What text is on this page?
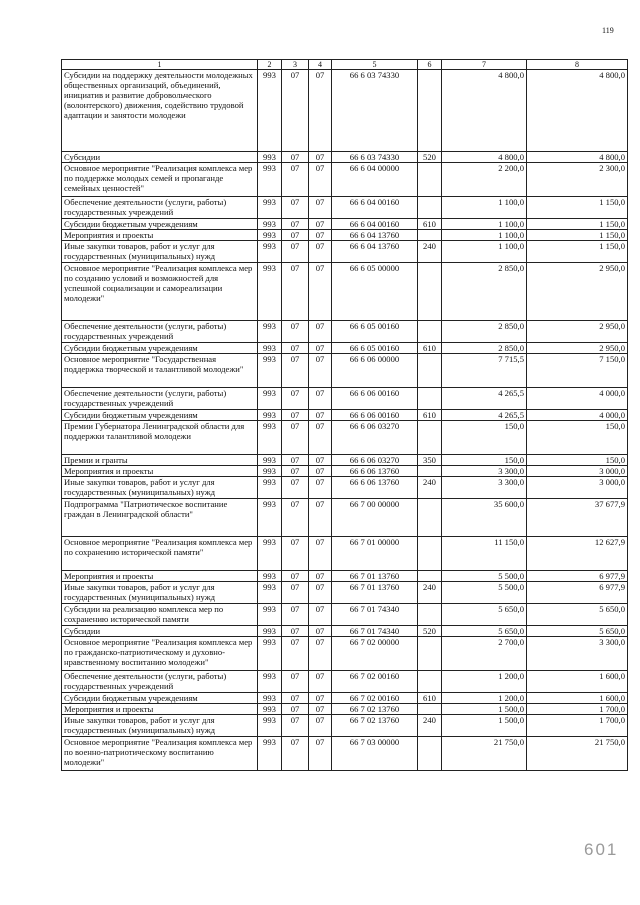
119
1	2	3	4	5	6	7	8
Субсидии на поддержку деятельности молодежных общественных организаций, объединений, инициатив и развитие добровольческого (волонтерского) движения, содействию трудовой адаптации и занятости молодежи	993	07	07	66 6 03 74330		4 800,0	4 800,0
Субсидии	993	07	07	66 6 03 74330	520	4 800,0	4 800,0
Основное мероприятие "Реализация комплекса мер по поддержке молодых семей и пропаганде семейных ценностей"	993	07	07	66 6 04 00000		2 200,0	2 300,0
Обеспечение деятельности (услуги, работы) государственных учреждений	993	07	07	66 6 04 00160		1 100,0	1 150,0
Субсидии бюджетным учреждениям	993	07	07	66 6 04 00160	610	1 100,0	1 150,0
Мероприятия и проекты	993	07	07	66 6 04 13760		1 100,0	1 150,0
Иные закупки товаров, работ и услуг для государственных (муниципальных) нужд	993	07	07	66 6 04 13760	240	1 100,0	1 150,0
Основное мероприятие "Реализация комплекса мер по созданию условий и возможностей для успешной социализации и самореализации молодежи"	993	07	07	66 6 05 00000		2 850,0	2 950,0
Обеспечение деятельности (услуги, работы) государственных учреждений	993	07	07	66 6 05 00160		2 850,0	2 950,0
Субсидии бюджетным учреждениям	993	07	07	66 6 05 00160	610	2 850,0	2 950,0
Основное мероприятие "Государственная поддержка творческой и талантливой молодежи"	993	07	07	66 6 06 00000		7 715,5	7 150,0
Обеспечение деятельности (услуги, работы) государственных учреждений	993	07	07	66 6 06 00160		4 265,5	4 000,0
Субсидии бюджетным учреждениям	993	07	07	66 6 06 00160	610	4 265,5	4 000,0
Премии Губернатора Ленинградской области для поддержки талантливой молодежи	993	07	07	66 6 06 03270		150,0	150,0
Премии и гранты	993	07	07	66 6 06 03270	350	150,0	150,0
Мероприятия и проекты	993	07	07	66 6 06 13760		3 300,0	3 000,0
Иные закупки товаров, работ и услуг для государственных (муниципальных) нужд	993	07	07	66 6 06 13760	240	3 300,0	3 000,0
Подпрограмма "Патриотическое воспитание граждан в Ленинградской области"	993	07	07	66 7 00 00000		35 600,0	37 677,9
Основное мероприятие "Реализация комплекса мер по сохранению исторической памяти"	993	07	07	66 7 01 00000		11 150,0	12 627,9
Мероприятия и проекты	993	07	07	66 7 01 13760		5 500,0	6 977,9
Иные закупки товаров, работ и услуг для государственных (муниципальных) нужд	993	07	07	66 7 01 13760	240	5 500,0	6 977,9
Субсидии на реализацию комплекса мер по сохранению исторической памяти	993	07	07	66 7 01 74340		5 650,0	5 650,0
Субсидии	993	07	07	66 7 01 74340	520	5 650,0	5 650,0
Основное мероприятие "Реализация комплекса мер по гражданско-патриотическому и духовно-нравственному воспитанию молодежи"	993	07	07	66 7 02 00000		2 700,0	3 300,0
Обеспечение деятельности (услуги, работы) государственных учреждений	993	07	07	66 7 02 00160		1 200,0	1 600,0
Субсидии бюджетным учреждениям	993	07	07	66 7 02 00160	610	1 200,0	1 600,0
Мероприятия и проекты	993	07	07	66 7 02 13760		1 500,0	1 700,0
Иные закупки товаров, работ и услуг для государственных (муниципальных) нужд	993	07	07	66 7 02 13760	240	1 500,0	1 700,0
Основное мероприятие "Реализация комплекса мер по военно-патриотическому воспитанию молодежи"	993	07	07	66 7 03 00000		21 750,0	21 750,0
601
